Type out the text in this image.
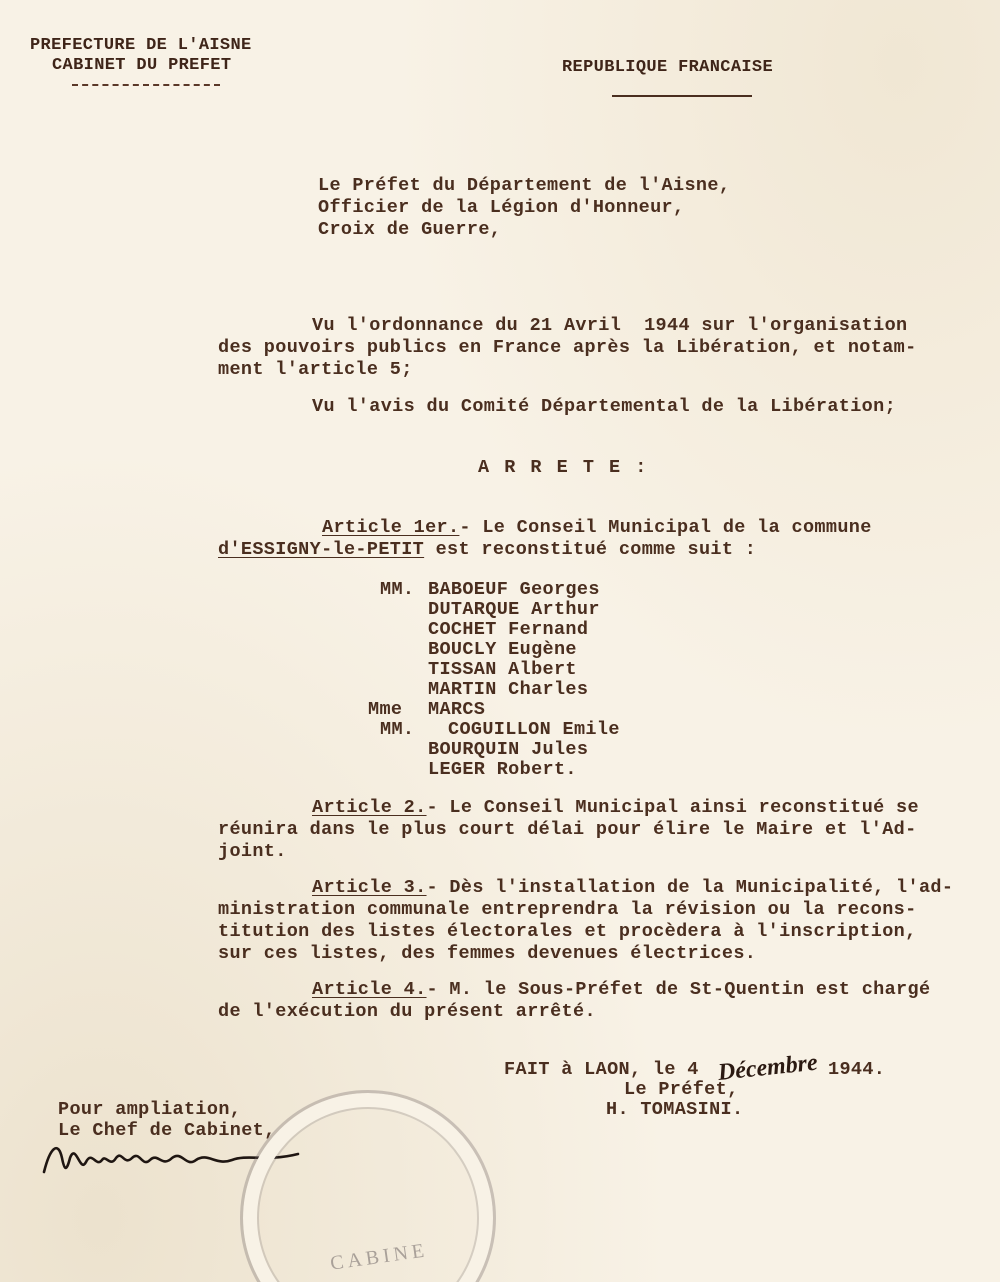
PREFECTURE DE L'AISNE
CABINET DU PREFET	REPUBLIQUE FRANCAISE
Le Préfet du Département de l'Aisne,
Officier de la Légion d'Honneur,
Croix de Guerre,
Vu l'ordonnance du 21 Avril  1944 sur l'organisation
des pouvoirs publics en France après la Libération, et notam-
ment l'article 5;
Vu l'avis du Comité Départemental de la Libération;
A R R E T E :
Article 1er.- Le Conseil Municipal de la commune
d'ESSIGNY-le-PETIT est reconstitué comme suit :
MM. BABOEUF Georges
DUTARQUE Arthur
COCHET Fernand
BOUCLY Eugène
TISSAN Albert
MARTIN Charles
Mme MARCS
MM. COGUILLON Emile
BOURQUIN Jules
LEGER Robert.
Article 2.- Le Conseil Municipal ainsi reconstitué se
réunira dans le plus court délai pour élire le Maire et l'Ad-
joint.
Article 3.- Dès l'installation de la Municipalité, l'ad-
ministration communale entreprendra la révision ou la recons-
titution des listes électorales et procèdera à l'inscription,
sur ces listes, des femmes devenues électrices.
Article 4.- M. le Sous-Préfet de St-Quentin est chargé
de l'exécution du présent arrêté.
FAIT à LAON, le 4 Décembre 1944.
Le Préfet,
H. TOMASINI.
Pour ampliation,
Le Chef de Cabinet,
CABINE
